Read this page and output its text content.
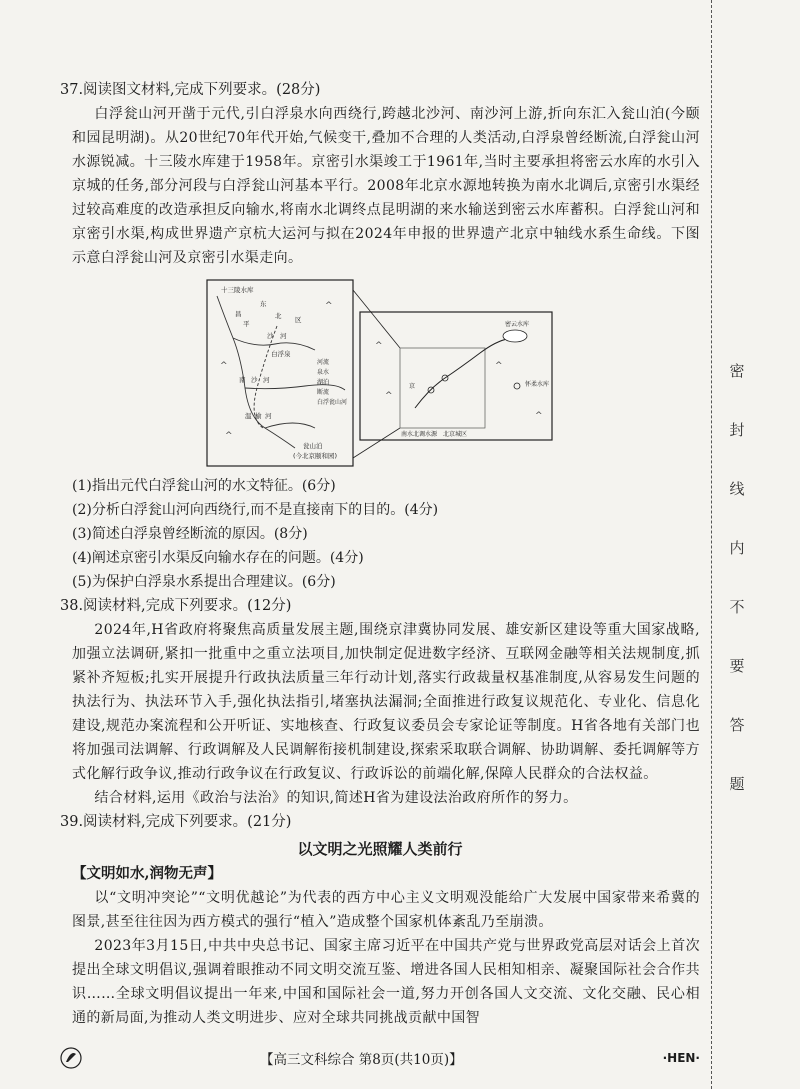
密
封
线
内
不
要
答
题

37.阅读图文材料,完成下列要求。(28分)

白浮瓮山河开凿于元代,引白浮泉水向西绕行,跨越北沙河、南沙河上游,折向东汇入瓮山泊(今颐和园昆明湖)。从20世纪70年代开始,气候变干,叠加不合理的人类活动,白浮泉曾经断流,白浮瓮山河水源锐减。十三陵水库建于1958年。京密引水渠竣工于1961年,当时主要承担将密云水库的水引入京城的任务,部分河段与白浮瓮山河基本平行。2008年北京水源地转换为南水北调后,京密引水渠经过较高难度的改造承担反向输水,将南水北调终点昆明湖的来水输送到密云水库蓄积。白浮瓮山河和京密引水渠,构成世界遗产京杭大运河与拟在2024年申报的世界遗产北京中轴线水系生命线。下图示意白浮瓮山河及京密引水渠走向。

十三陵水库
昌
平
东
沙 河
北 区
白浮泉
南 沙 河
温 榆 河
瓮山泊
(今北京颐和园)
河流
泉水
湖泊
断流
白浮瓮山河
密云水库
怀柔水库
北京城区
南水北调水源
京
^
^
^
^
^
^
^

(1)指出元代白浮瓮山河的水文特征。(6分)

(2)分析白浮瓮山河向西绕行,而不是直接南下的目的。(4分)

(3)简述白浮泉曾经断流的原因。(8分)

(4)阐述京密引水渠反向输水存在的问题。(4分)

(5)为保护白浮泉水系提出合理建议。(6分)

38.阅读材料,完成下列要求。(12分)

2024年,H省政府将聚焦高质量发展主题,围绕京津冀协同发展、雄安新区建设等重大国家战略,加强立法调研,紧扣一批重中之重立法项目,加快制定促进数字经济、互联网金融等相关法规制度,抓紧补齐短板;扎实开展提升行政执法质量三年行动计划,落实行政裁量权基准制度,从容易发生问题的执法行为、执法环节入手,强化执法指引,堵塞执法漏洞;全面推进行政复议规范化、专业化、信息化建设,规范办案流程和公开听证、实地核查、行政复议委员会专家论证等制度。H省各地有关部门也将加强司法调解、行政调解及人民调解衔接机制建设,探索采取联合调解、协助调解、委托调解等方式化解行政争议,推动行政争议在行政复议、行政诉讼的前端化解,保障人民群众的合法权益。

结合材料,运用《政治与法治》的知识,简述H省为建设法治政府所作的努力。

39.阅读材料,完成下列要求。(21分)

以文明之光照耀人类前行

【文明如水,润物无声】

以“文明冲突论”“文明优越论”为代表的西方中心主义文明观没能给广大发展中国家带来希冀的图景,甚至往往因为西方模式的强行“植入”造成整个国家机体紊乱乃至崩溃。

2023年3月15日,中共中央总书记、国家主席习近平在中国共产党与世界政党高层对话会上首次提出全球文明倡议,强调着眼推动不同文明交流互鉴、增进各国人民相知相亲、凝聚国际社会合作共识……全球文明倡议提出一年来,中国和国际社会一道,努力开创各国人文交流、文化交融、民心相通的新局面,为推动人类文明进步、应对全球共同挑战贡献中国智

【高三文科综合 第8页(共10页)】	·HEN·
